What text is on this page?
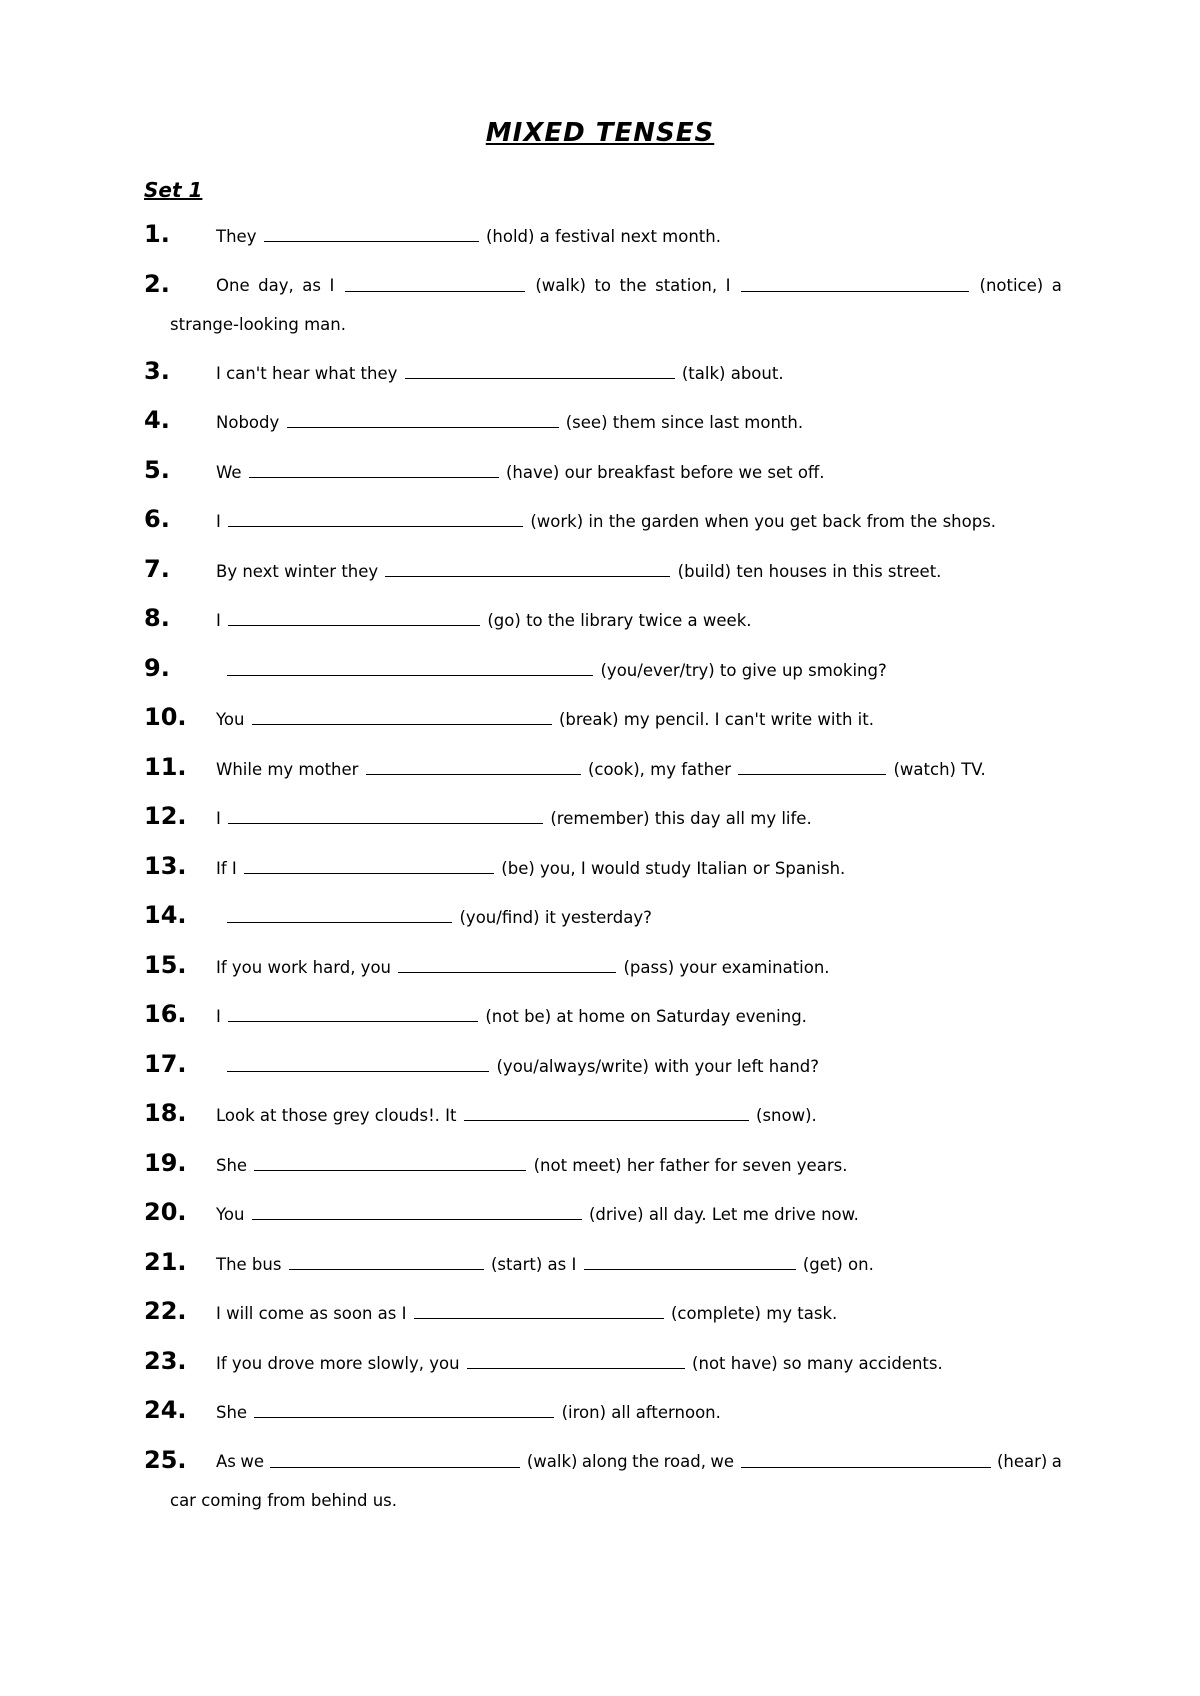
MIXED TENSES
Set 1
1.	They	(hold) a festival next month.
2.	One day, as I	(walk) to the station, I	(notice) a
strange-looking man.
3.	I can't hear what they	(talk) about.
4.	Nobody	(see) them since last month.
5.	We	(have) our breakfast before we set off.
6.	I	(work) in the garden when you get back from the shops.
7.	By next winter they	(build) ten houses in this street.
8.	I	(go) to the library twice a week.
9.	(you/ever/try) to give up smoking?
10. You	(break) my pencil. I can't write with it.
11. While my mother	(cook), my father	(watch) TV.
12. I	(remember) this day all my life.
13. If I	(be) you, I would study Italian or Spanish.
14.	(you/find) it yesterday?
15. If you work hard, you	(pass) your examination.
16. I	(not be) at home on Saturday evening.
17.	(you/always/write) with your left hand?
18. Look at those grey clouds!. It	(snow).
19. She	(not meet) her father for seven years.
20. You	(drive) all day. Let me drive now.
21. The bus	(start) as I	(get) on.
22. I will come as soon as I	(complete) my task.
23. If you drove more slowly, you	(not have) so many accidents.
24. She	(iron) all afternoon.
25. As we	(walk) along the road, we	(hear) a
car coming from behind us.
